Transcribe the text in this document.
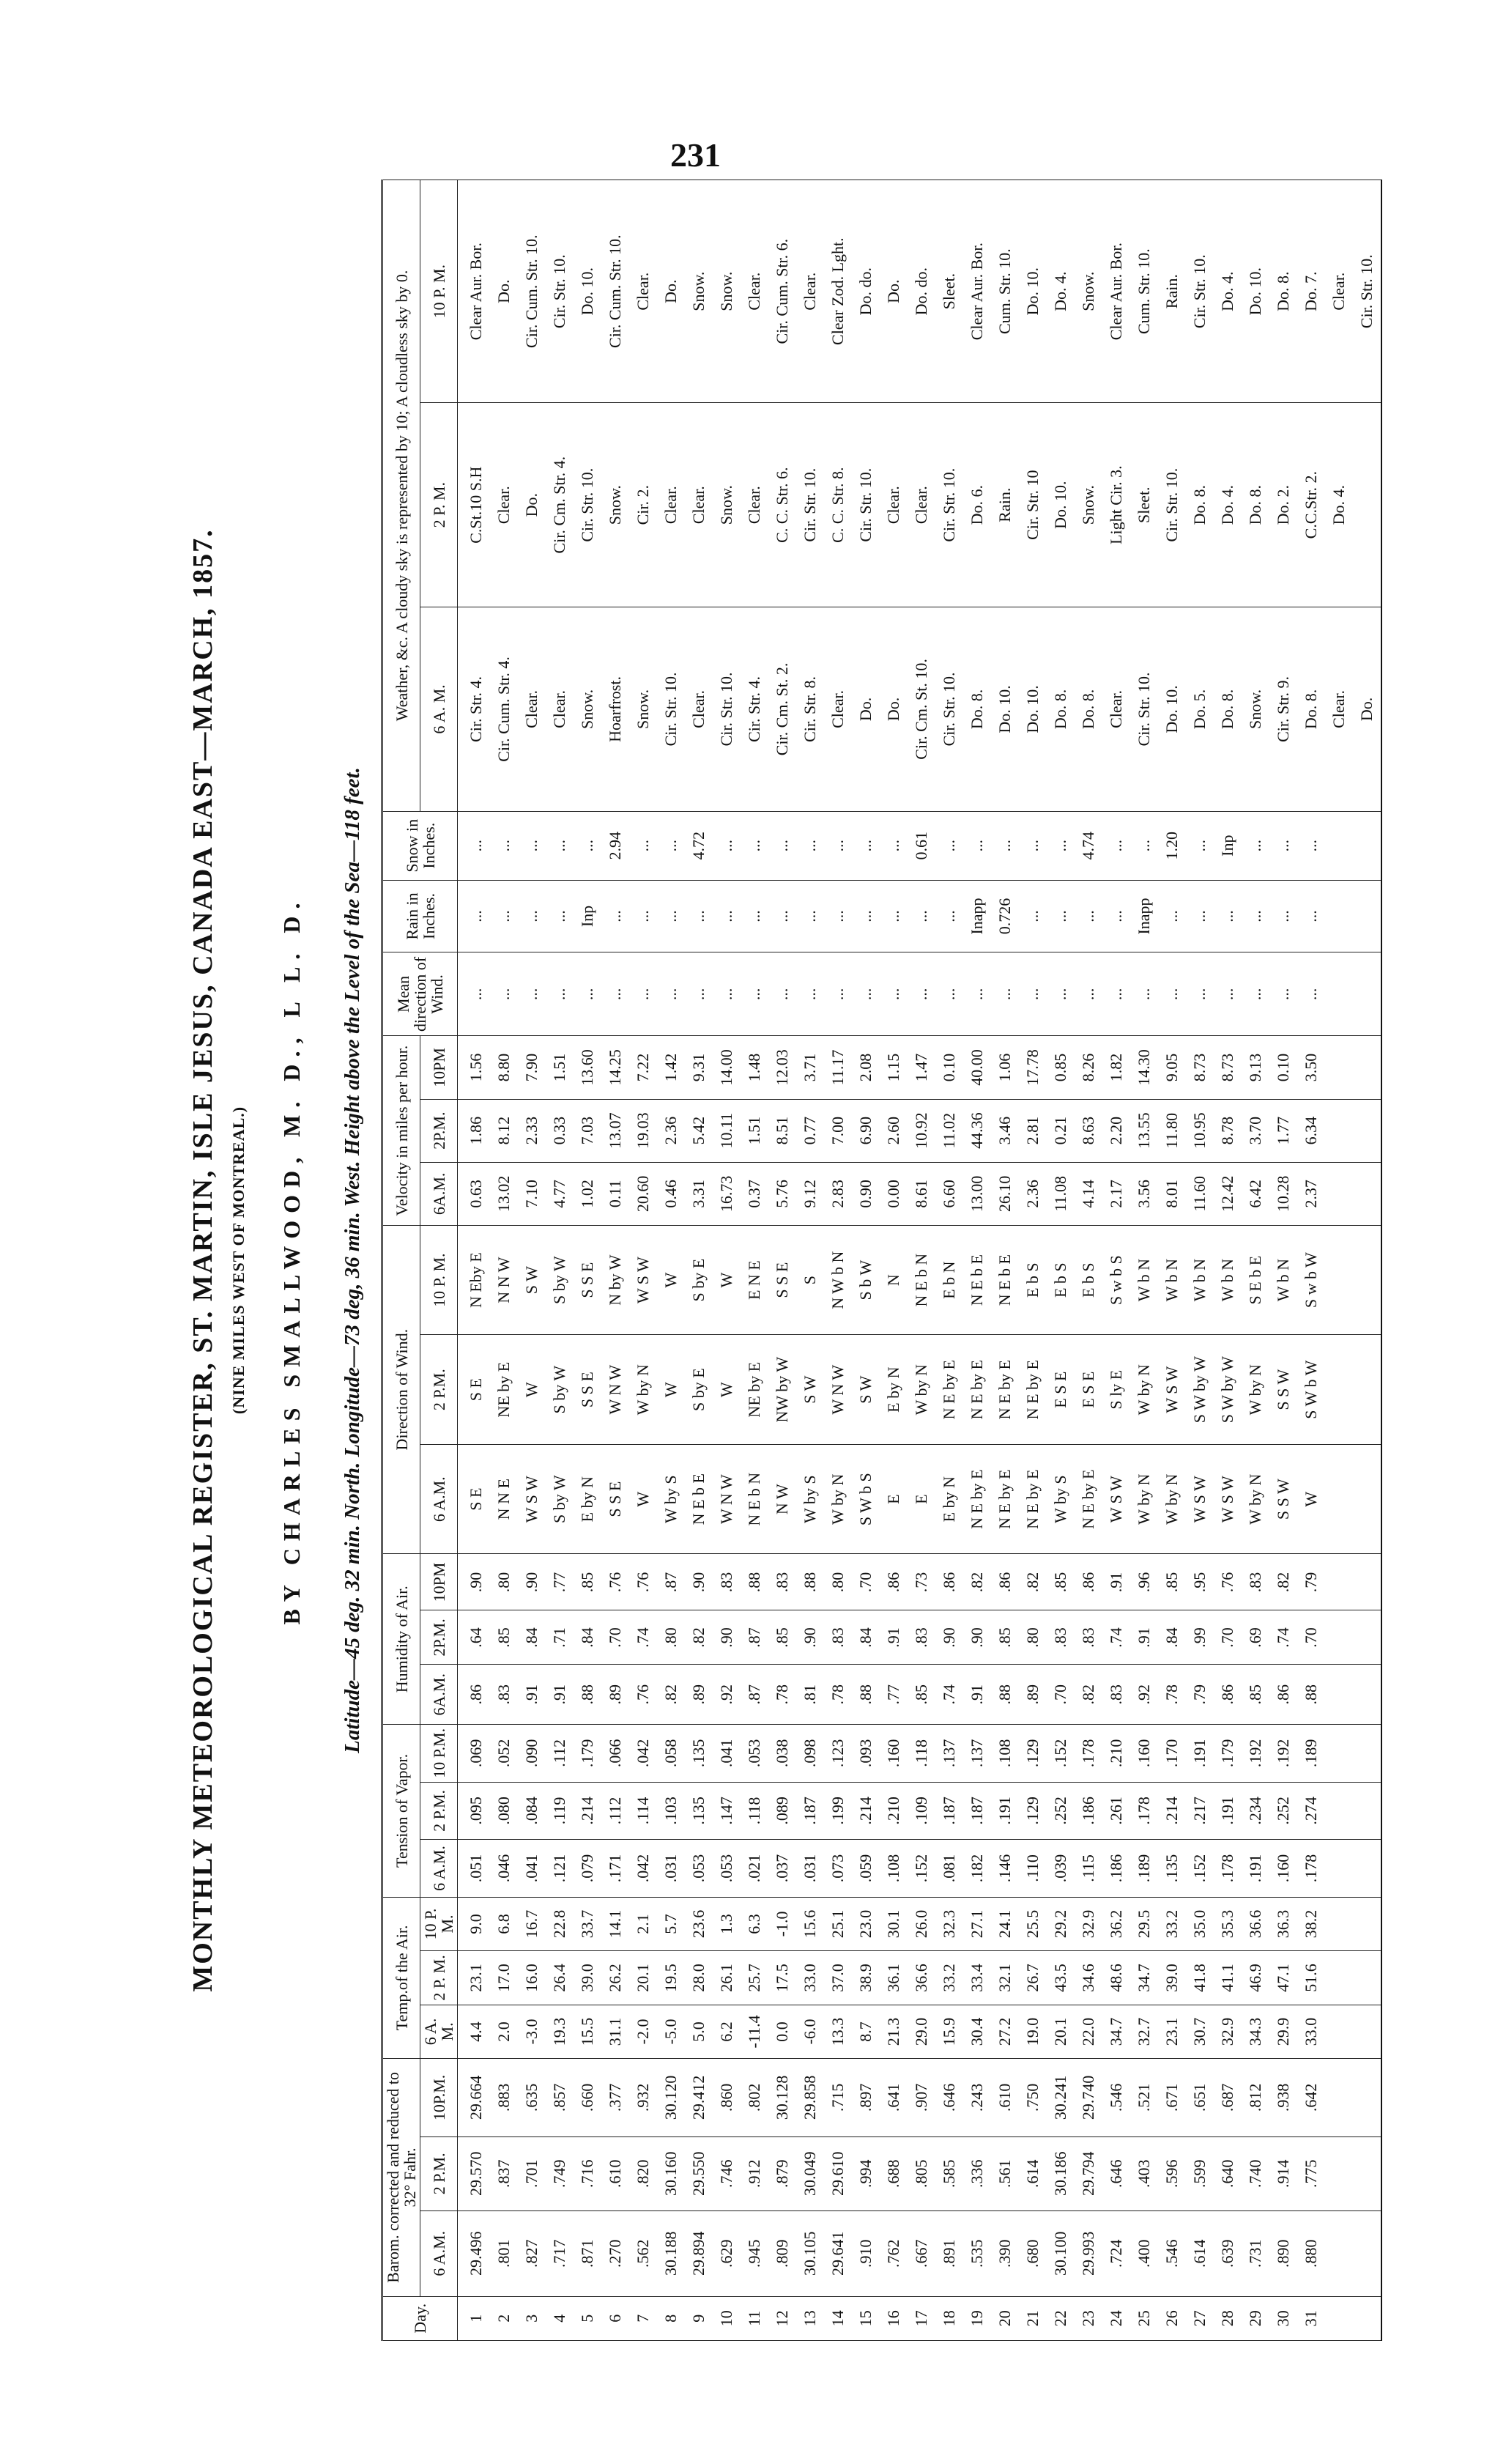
231
MONTHLY METEOROLOGICAL REGISTER, ST. MARTIN, ISLE JESUS, CANADA EAST—MARCH, 1857. (NINE MILES WEST OF MONTREAL.) BY CHARLES SMALLWOOD, M. D., L L. D. Latitude—45 deg. 32 min. North. Longitude—73 deg, 36 min. West. Height above the Level of the Sea—118 feet.
Day.	Barom. corrected and reduced to 32° Fahr.			Temp.of the Air.			Tension of Vapor.			Humidity of Air.			Direction of Wind.			Velocity in miles per hour.			Mean direction of Wind.	Rain in Inches.	Snow in Inches.	Weather, &c. A cloudy sky is represented by 10; A cloudless sky by 0.		
	6 A.M.	2 P.M.	10P.M.	6 A. M.	2 P. M.	10 P. M.	6 A.M.	2 P.M.	10 P.M.	6A.M.	2P.M.	10PM	6 A.M.	2 P.M.	10 P. M.	6A.M.	2P.M.	10PM				6 A. M.	2 P. M.	10 P. M.
1	29.496	29.570	29.664	4.4	23.1	9.0	.051	.095	.069	.86	.64	.90	S E	S E	N Eby E	0.63	1.86	1.56	...	...	...	Cir. Str. 4.	C.St.10 S.H	Clear Aur. Bor.
2	.801	.837	.883	2.0	17.0	6.8	.046	.080	.052	.83	.85	.80	N N E	NE by E	N N W	13.02	8.12	8.80	...	...	...	Cir. Cum. Str. 4.	Clear.	Do.
3	.827	.701	.635	-3.0	16.0	16.7	.041	.084	.090	.91	.84	.90	W S W	W	S W	7.10	2.33	7.90	...	...	...	Clear.	Do.	Cir. Cum. Str. 10.
4	.717	.749	.857	19.3	26.4	22.8	.121	.119	.112	.91	.71	.77	S by W	S by W	S by W	4.77	0.33	1.51	...	...	...	Clear.	Cir. Cm. Str. 4.	Cir. Str. 10.
5	.871	.716	.660	15.5	39.0	33.7	.079	.214	.179	.88	.84	.85	E by N	S S E	S S E	1.02	7.03	13.60	...	Inp	...	Snow.	Cir. Str. 10.	Do. 10.
6	.270	.610	.377	31.1	26.2	14.1	.171	.112	.066	.89	.70	.76	S S E	W N W	N by W	0.11	13.07	14.25	...	...	2.94	Hoarfrost.	Snow.	Cir. Cum. Str. 10.
7	.562	.820	.932	-2.0	20.1	2.1	.042	.114	.042	.76	.74	.76	W	W by N	W S W	20.60	19.03	7.22	...	...	...	Snow.	Cir. 2.	Clear.
8	30.188	30.160	30.120	-5.0	19.5	5.7	.031	.103	.058	.82	.80	.87	W by S	W	W	0.46	2.36	1.42	...	...	...	Cir. Str. 10.	Clear.	Do.
9	29.894	29.550	29.412	5.0	28.0	23.6	.053	.135	.135	.89	.82	.90	N E b E	S by E	S by E	3.31	5.42	9.31	...	...	4.72	Clear.	Clear.	Snow.
10	.629	.746	.860	6.2	26.1	1.3	.053	.147	.041	.92	.90	.83	W N W	W	W	16.73	10.11	14.00	...	...	...	Cir. Str. 10.	Snow.	Snow.
11	.945	.912	.802	-11.4	25.7	6.3	.021	.118	.053	.87	.87	.88	N E b N	NE by E	E N E	0.37	1.51	1.48	...	...	...	Cir. Str. 4.	Clear.	Clear.
12	.809	.879	30.128	0.0	17.5	-1.0	.037	.089	.038	.78	.85	.83	N W	NW by W	S S E	5.76	8.51	12.03	...	...	...	Cir. Cm. St. 2.	C. C. Str. 6.	Cir. Cum. Str. 6.
13	30.105	30.049	29.858	-6.0	33.0	15.6	.031	.187	.098	.81	.90	.88	W by S	S W	S	9.12	0.77	3.71	...	...	...	Cir. Str. 8.	Cir. Str. 10.	Clear.
14	29.641	29.610	.715	13.3	37.0	25.1	.073	.199	.123	.78	.83	.80	W by N	W N W	N W b N	2.83	7.00	11.17	...	...	...	Clear.	C. C. Str. 8.	Clear Zod. Lght.
15	.910	.994	.897	8.7	38.9	23.0	.059	.214	.093	.88	.84	.70	S W b S	S W	S b W	0.90	6.90	2.08	...	...	...	Do.	Cir. Str. 10.	Do. do.
16	.762	.688	.641	21.3	36.1	30.1	.108	.210	.160	.77	.91	.86	E	E by N	N	0.00	2.60	1.15	...	...	...	Do.	Clear.	Do.
17	.667	.805	.907	29.0	36.6	26.0	.152	.109	.118	.85	.83	.73	E	W by N	N E b N	8.61	10.92	1.47	...	...	0.61	Cir. Cm. St. 10.	Clear.	Do. do.
18	.891	.585	.646	15.9	33.2	32.3	.081	.187	.137	.74	.90	.86	E by N	N E by E	E b N	6.60	11.02	0.10	...	...	...	Cir. Str. 10.	Cir. Str. 10.	Sleet.
19	.535	.336	.243	30.4	33.4	27.1	.182	.187	.137	.91	.90	.82	N E by E	N E by E	N E b E	13.00	44.36	40.00	...	Inapp	...	Do. 8.	Do. 6.	Clear Aur. Bor.
20	.390	.561	.610	27.2	32.1	24.1	.146	.191	.108	.88	.85	.86	N E by E	N E by E	N E b E	26.10	3.46	1.06	...	0.726	...	Do. 10.	Rain.	Cum. Str. 10.
21	.680	.614	.750	19.0	26.7	25.5	.110	.129	.129	.89	.80	.82	N E by E	N E by E	E b S	2.36	2.81	17.78	...	...	...	Do. 10.	Cir. Str. 10	Do. 10.
22	30.100	30.186	30.241	20.1	43.5	29.2	.039	.252	.152	.70	.83	.85	W by S	E S E	E b S	11.08	0.21	0.85	...	...	...	Do. 8.	Do. 10.	Do. 4.
23	29.993	29.794	29.740	22.0	34.6	32.9	.115	.186	.178	.82	.83	.86	N E by E	E S E	E b S	4.14	8.63	8.26	...	...	4.74	Do. 8.	Snow.	Snow.
24	.724	.646	.546	34.7	48.6	36.2	.186	.261	.210	.83	.74	.91	W S W	S ly E	S w b S	2.17	2.20	1.82	...	...	...	Clear.	Light Cir. 3.	Clear Aur. Bor.
25	.400	.403	.521	32.7	34.7	29.5	.189	.178	.160	.92	.91	.96	W by N	W by N	W b N	3.56	13.55	14.30	...	Inapp	...	Cir. Str. 10.	Sleet.	Cum. Str. 10.
26	.546	.596	.671	23.1	39.0	33.2	.135	.214	.170	.78	.84	.85	W by N	W S W	W b N	8.01	11.80	9.05	...	...	1.20	Do. 10.	Cir. Str. 10.	Rain.
27	.614	.599	.651	30.7	41.8	35.0	.152	.217	.191	.79	.99	.95	W S W	S W by W	W b N	11.60	10.95	8.73	...	...	...	Do. 5.	Do. 8.	Cir. Str. 10.
28	.639	.640	.687	32.9	41.1	35.3	.178	.191	.179	.86	.70	.76	W S W	S W by W	W b N	12.42	8.78	8.73	...	...	Inp	Do. 8.	Do. 4.	Do. 4.
29	.731	.740	.812	34.3	46.9	36.6	.191	.234	.192	.85	.69	.83	W by N	W by N	S E b E	6.42	3.70	9.13	...	...	...	Snow.	Do. 8.	Do. 10.
30	.890	.914	.938	29.9	47.1	36.3	.160	.252	.192	.86	.74	.82	S S W	S S W	W b N	10.28	1.77	0.10	...	...	...	Cir. Str. 9.	Do. 2.	Do. 8.
31	.880	.775	.642	33.0	51.6	38.2	.178	.274	.189	.88	.70	.79	W	S W b W	S w b W	2.37	6.34	3.50	...	...	...	Do. 8.	C.C.Str. 2.	Do. 7.
																						Clear.	Do. 4.	Clear.
																						Do.		Cir. Str. 10.
